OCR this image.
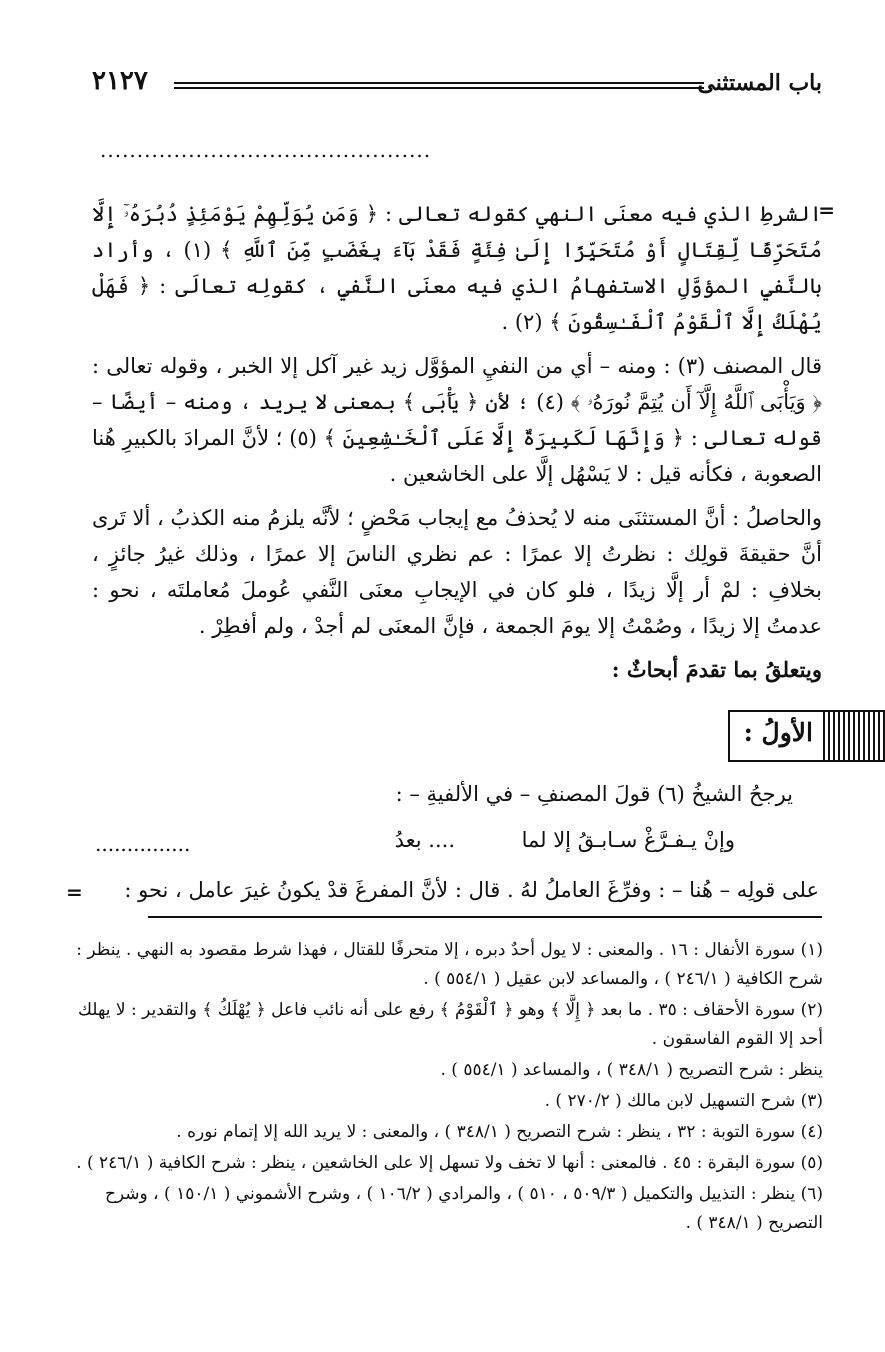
باب المستثنى
٢١٢٧
.............................................
=

الشرطِ الذي فيه معنَى النهي كقوله تعالى : ﴿ وَمَن يُوَلِّهِمْ يَوْمَئِذٍ دُبُرَهُۥٓ إِلَّا مُتَحَرِّفًا لِّقِتَالٍ أَوْ مُتَحَيِّزًا إِلَىٰ فِئَةٍ فَقَدْ بَآءَ بِغَضَبٍ مِّنَ ٱللَّهِ ﴾ (١) ، وأراد بالنَّفيِ المؤوَّلِ الاستفهامُ الذي فيه معنَى النَّفيِ ، كقولِه تعالَى : ﴿ فَهَلْ يُهْلَكُ إِلَّا ٱلْقَوْمُ ٱلْفَـٰسِقُونَ ﴾ (٢) .

قال المصنف (٣) : ومنه – أي من النفيِ المؤوَّل زيد غير آكل إلا الخبر ، وقوله تعالى : ﴿ وَيَأْبَى ٱللَّهُ إِلَّآ أَن يُتِمَّ نُورَهُۥ ﴾ (٤) ؛ لأن ﴿ يَأْبَى ﴾ بمعنى لا يريد ، ومنه – أيضًا – قوله تعالى : ﴿ وَإِنَّهَا لَكَبِيرَةٌ إِلَّا عَلَى ٱلْخَـٰشِعِينَ ﴾ (٥) ؛ لأنَّ المرادَ بالكبيرِ هُنا الصعوبة ، فكأنه قيل : لا يَسْهُل إلَّا على الخاشعين .

والحاصلُ : أنَّ المستثنَى منه لا يُحذفُ مع إيجاب مَحْضٍ ؛ لأنَّه يلزمُ منه الكذبُ ، ألا تَرى أنَّ حقيقةَ قولِك : نظرتُ إلا عمرًا : عم نظري الناسَ إلا عمرًا ، وذلك غيرُ جائزٍ ، بخلافِ : لمْ أر إلَّا زيدًا ، فلو كان في الإيجابِ معنَى النَّفي عُوملَ مُعاملتَه ، نحو : عدمتُ إلا زيدًا ، وصُمْتُ إلا يومَ الجمعة ، فإنَّ المعنَى لم أجدْ ، ولم أفطِرْ .

ويتعلقُ بما تقدمَ أبحاثٌ :

الأولُ :
يرجحُ الشيخُ (٦) قولَ المصنفِ – في الألفيةِ – :
وإنْ يـفـرَّغْ سـابـقُ إلا لما
.... بعدُ
...............
على قولِه – هُنا – : وفرِّغَ العاملُ لهُ . قال : لأنَّ المفرغَ قدْ يكونُ غيرَ عامل ، نحو :
=

(١) سورة الأنفال : ١٦ . والمعنى : لا يول أحدٌ دبره ، إلا متحرفًا للقتال ، فهذا شرط مقصود به النهي . ينظر : شرح الكافية ( ٢٤٦/١ ) ، والمساعد لابن عقيل ( ٥٥٤/١ ) .

(٢) سورة الأحقاف : ٣٥ . ما بعد ﴿ إِلَّا ﴾ وهو ﴿ ٱلْقَوْمُ ﴾ رفع على أنه نائب فاعل ﴿ يُهْلَكُ ﴾ والتقدير : لا يهلك أحد إلا القوم الفاسقون .

ينظر : شرح التصريح ( ٣٤٨/١ ) ، والمساعد ( ٥٥٤/١ ) .

(٣) شرح التسهيل لابن مالك ( ٢٧٠/٢ ) .

(٤) سورة التوبة : ٣٢ ، ينظر : شرح التصريح ( ٣٤٨/١ ) ، والمعنى : لا يريد الله إلا إتمام نوره .

(٥) سورة البقرة : ٤٥ . فالمعنى : أنها لا تخف ولا تسهل إلا على الخاشعين ، ينظر : شرح الكافية ( ٢٤٦/١ ) .

(٦) ينظر : التذييل والتكميل ( ٥٠٩/٣ ، ٥١٠ ) ، والمرادي ( ١٠٦/٢ ) ، وشرح الأشموني ( ١٥٠/١ ) ، وشرح التصريح ( ٣٤٨/١ ) .
